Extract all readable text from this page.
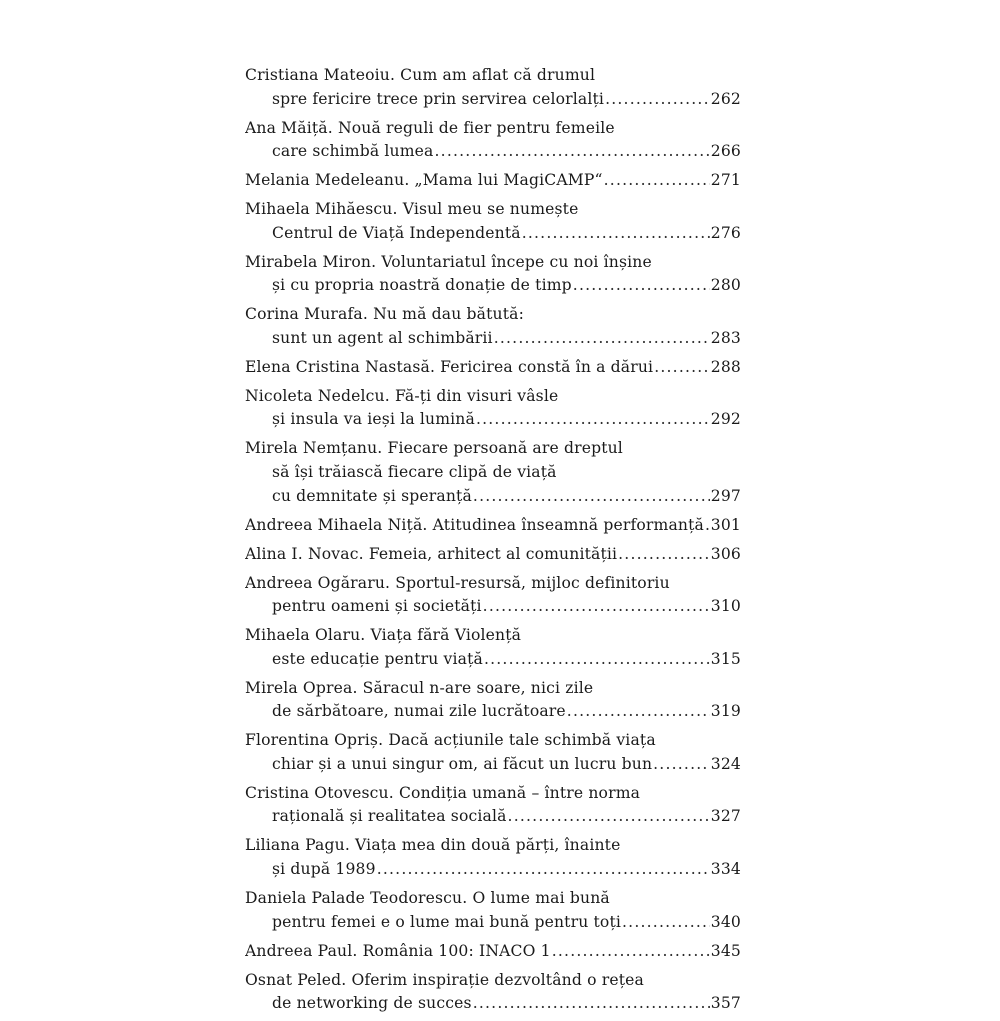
Cristiana Mateoiu. Cum am aflat că drumul
spre fericire trece prin servirea celorlalți .....	262
Ana Măiță. Nouă reguli de fier pentru femeile
care schimbă lumea .....	266
Melania Medeleanu. „Mama lui MagiCAMP“ .....	271
Mihaela Mihăescu. Visul meu se numește
Centrul de Viață Independentă .....	276
Mirabela Miron. Voluntariatul începe cu noi înșine
și cu propria noastră donație de timp .....	280
Corina Murafa. Nu mă dau bătută:
sunt un agent al schimbării .....	283
Elena Cristina Nastasă. Fericirea constă în a dărui .....	288
Nicoleta Nedelcu. Fă-ți din visuri vâsle
și insula va ieși la lumină .....	292
Mirela Nemțanu. Fiecare persoană are dreptul
să își trăiască fiecare clipă de viață
cu demnitate și speranță .....	297
Andreea Mihaela Niță. Atitudinea înseamnă performanță ..... 301
Alina I. Novac. Femeia, arhitect al comunității .....	306
Andreea Ogăraru. Sportul-resursă, mijloc definitoriu
pentru oameni și societăți .....	310
Mihaela Olaru. Viața fără Violență
este educație pentru viață .....	315
Mirela Oprea. Săracul n-are soare, nici zile
de sărbătoare, numai zile lucrătoare .....	319
Florentina Opriș. Dacă acțiunile tale schimbă viața
chiar și a unui singur om, ai făcut un lucru bun .....	324
Cristina Otovescu. Condiția umană – între norma
rațională și realitatea socială .....	327
Liliana Pagu. Viața mea din două părți, înainte
și după 1989 .....	334
Daniela Palade Teodorescu. O lume mai bună
pentru femei e o lume mai bună pentru toți .....	340
Andreea Paul. România 100: INACO 1 .....	345
Osnat Peled. Oferim inspirație dezvoltând o rețea
de networking de succes .....	357
